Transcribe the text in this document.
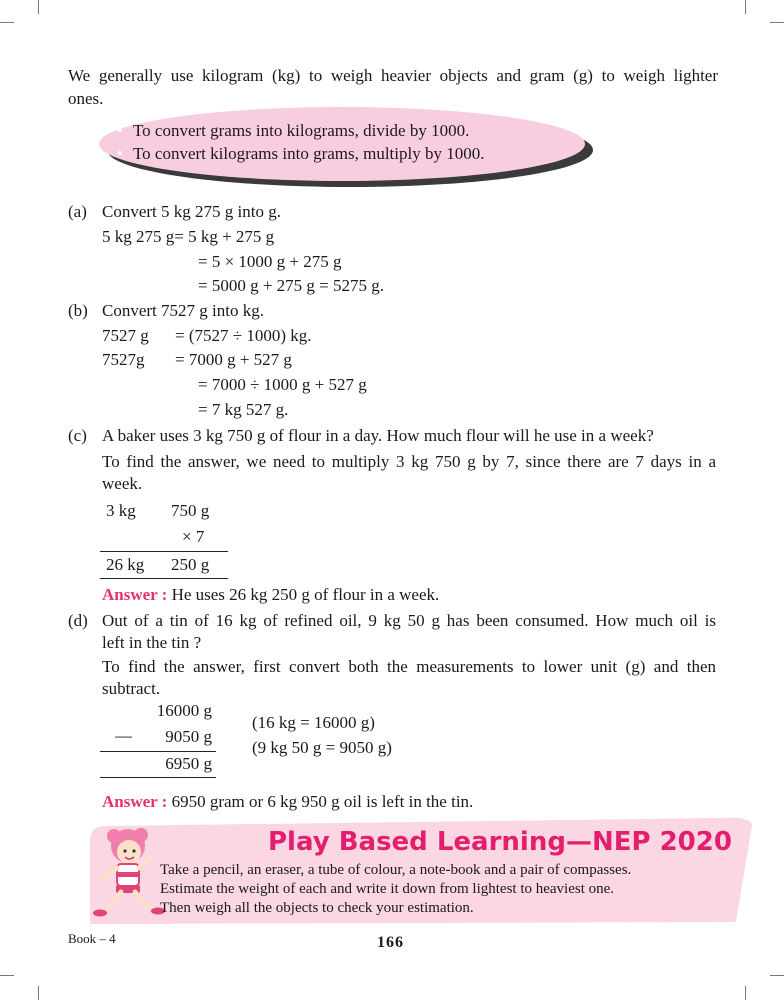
We generally use kilogram (kg) to weigh heavier objects and gram (g) to weigh lighter
ones.
• To convert grams into kilograms, divide by 1000.
• To convert kilograms into grams, multiply by 1000.
(a) Convert 5 kg 275 g into g.
5 kg 275 g= 5 kg + 275 g
= 5 × 1000 g + 275 g
= 5000 g + 275 g = 5275 g.
(b) Convert 7527 g into kg.
7527 g = (7527 ÷ 1000) kg.
7527g = 7000 g + 527 g
= 7000 ÷ 1000 g + 527 g
= 7 kg 527 g.
(c) A baker uses 3 kg 750 g of flour in a day. How much flour will he use in a week?
To find the answer, we need to multiply 3 kg 750 g by 7, since there are 7 days in a
week.
3 kg 750 g
× 7
26 kg 250 g
Answer : He uses 26 kg 250 g of flour in a week.
(d) Out of a tin of 16 kg of refined oil, 9 kg 50 g has been consumed. How much oil is
left in the tin ?
To find the answer, first convert both the measurements to lower unit (g) and then
subtract.
16000 g
—	9050 g
6950 g
(16 kg = 16000 g)
(9 kg 50 g = 9050 g)
Answer : 6950 gram or 6 kg 950 g oil is left in the tin.
Play Based Learning—NEP 2020
Take a pencil, an eraser, a tube of colour, a note-book and a pair of compasses.
Estimate the weight of each and write it down from lightest to heaviest one.
Then weigh all the objects to check your estimation.
Book – 4	166
